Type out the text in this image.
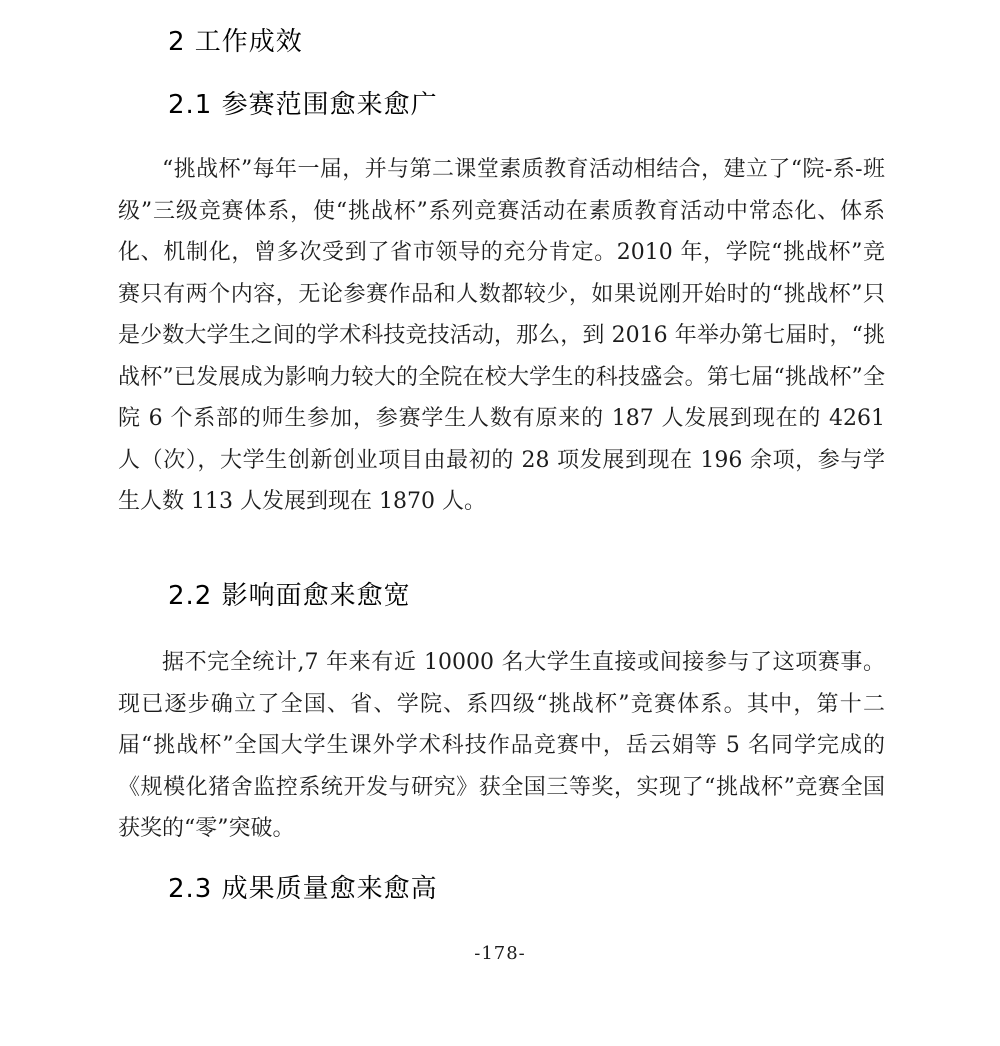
2 工作成效
2.1 参赛范围愈来愈广

“挑战杯”每年一届，并与第二课堂素质教育活动相结合，建立了“院-系-班级”三级竞赛体系，使“挑战杯”系列竞赛活动在素质教育活动中常态化、体系化、机制化，曾多次受到了省市领导的充分肯定。2010 年，学院“挑战杯”竞赛只有两个内容，无论参赛作品和人数都较少，如果说刚开始时的“挑战杯”只是少数大学生之间的学术科技竞技活动，那么，到 2016 年举办第七届时，“挑战杯”已发展成为影响力较大的全院在校大学生的科技盛会。第七届“挑战杯”全院 6 个系部的师生参加，参赛学生人数有原来的 187 人发展到现在的 4261 人（次），大学生创新创业项目由最初的 28 项发展到现在 196 余项，参与学生人数 113 人发展到现在 1870 人。

2.2 影响面愈来愈宽

据不完全统计,7 年来有近 10000 名大学生直接或间接参与了这项赛事。现已逐步确立了全国、省、学院、系四级“挑战杯”竞赛体系。其中，第十二届“挑战杯”全国大学生课外学术科技作品竞赛中，岳云娟等 5 名同学完成的《规模化猪舍监控系统开发与研究》获全国三等奖，实现了“挑战杯”竞赛全国获奖的“零”突破。

2.3 成果质量愈来愈高
-178-
